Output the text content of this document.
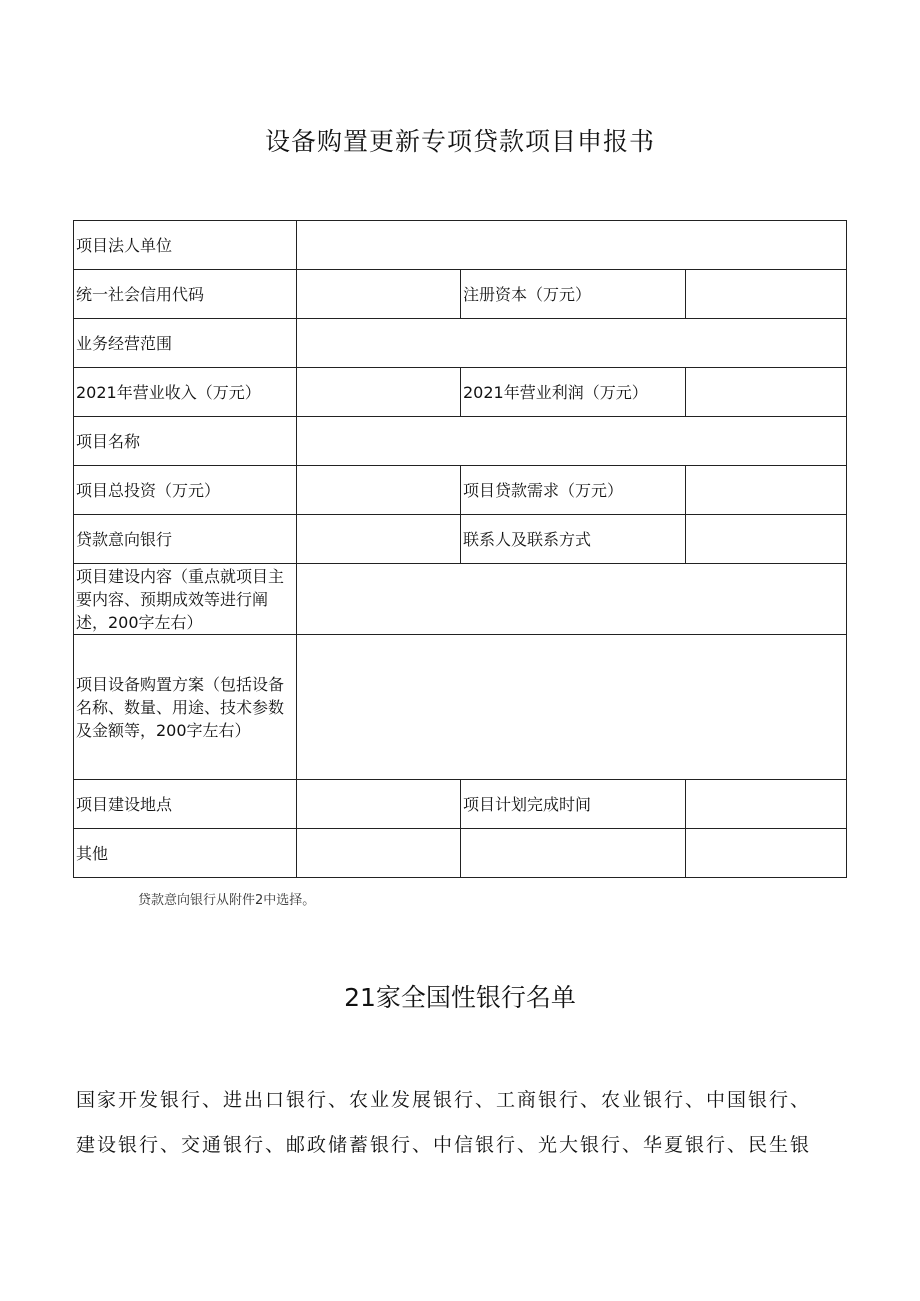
设备购置更新专项贷款项目申报书
项目法人单位			
统一社会信用代码		注册资本（万元）	
业务经营范围			
2021年营业收入（万元）		2021年营业利润（万元）	
项目名称			
项目总投资（万元）		项目贷款需求（万元）	
贷款意向银行		联系人及联系方式	

项目建设内容（重点就项目主要内容、预期成效等进行阐述，200字左右）			

项目设备购置方案（包括设备名称、数量、用途、技术参数及金额等，200字左右）			

项目建设地点		项目计划完成时间	
其他			
贷款意向银行从附件2中选择。
21家全国性银行名单
国家开发银行、进出口银行、农业发展银行、工商银行、农业银行、中国银行、
建设银行、交通银行、邮政储蓄银行、中信银行、光大银行、华夏银行、民生银
